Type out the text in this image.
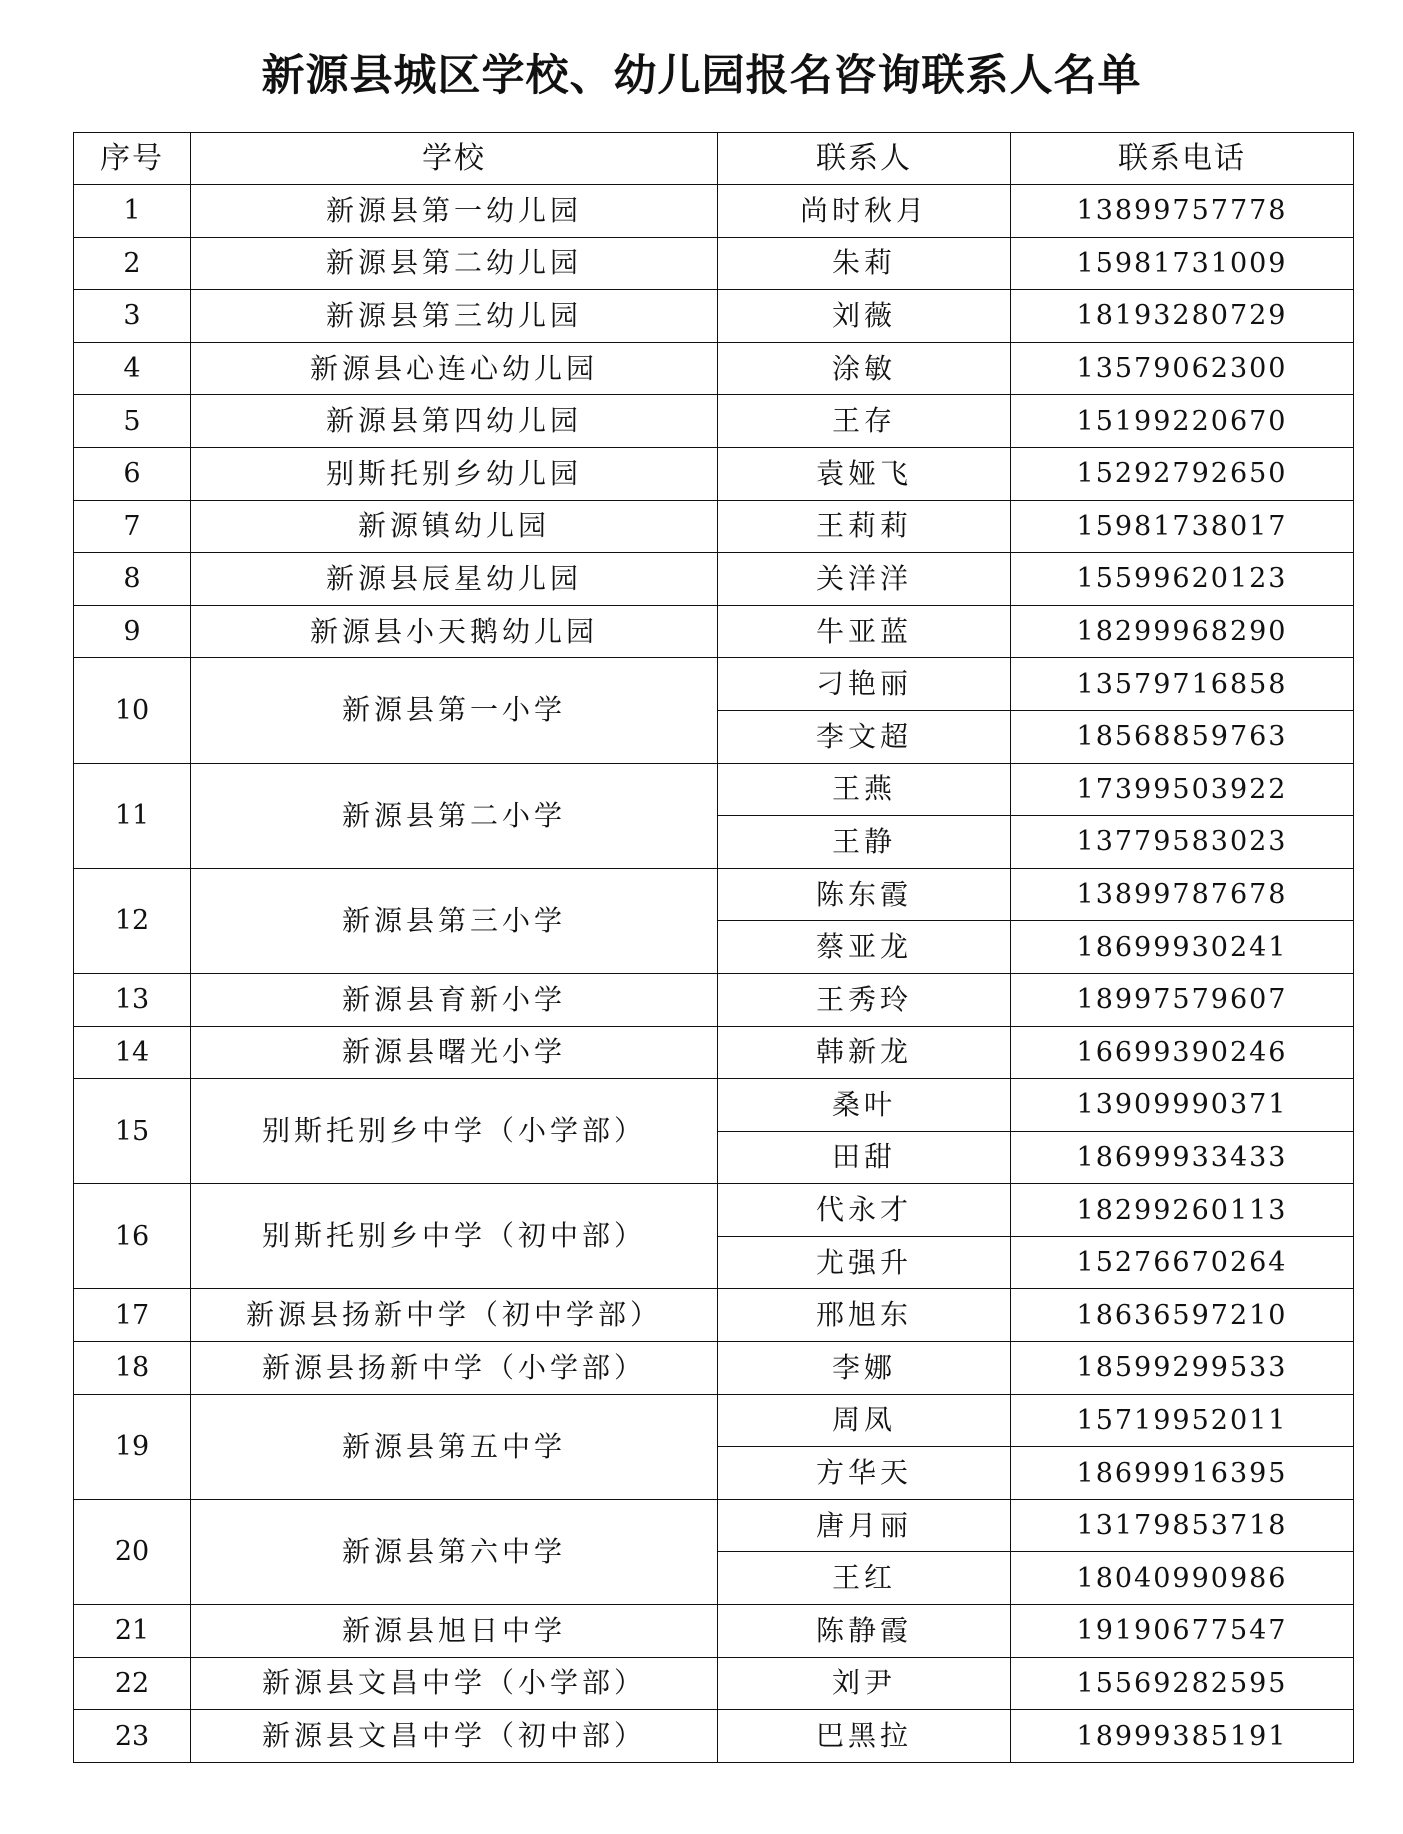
新源县城区学校、幼儿园报名咨询联系人名单
序号	学校	联系人	联系电话
1	新源县第一幼儿园	尚时秋月	13899757778
2	新源县第二幼儿园	朱莉	15981731009
3	新源县第三幼儿园	刘薇	18193280729
4	新源县心连心幼儿园	涂敏	13579062300
5	新源县第四幼儿园	王存	15199220670
6	别斯托别乡幼儿园	袁娅飞	15292792650
7	新源镇幼儿园	王莉莉	15981738017
8	新源县辰星幼儿园	关洋洋	15599620123
9	新源县小天鹅幼儿园	牛亚蓝	18299968290
10	新源县第一小学	刁艳丽	13579716858
		李文超	18568859763
11	新源县第二小学	王燕	17399503922
		王静	13779583023
12	新源县第三小学	陈东霞	13899787678
		蔡亚龙	18699930241
13	新源县育新小学	王秀玲	18997579607
14	新源县曙光小学	韩新龙	16699390246
15	别斯托别乡中学（小学部）	桑叶	13909990371
		田甜	18699933433
16	别斯托别乡中学（初中部）	代永才	18299260113
		尤强升	15276670264
17	新源县扬新中学（初中学部）	邢旭东	18636597210
18	新源县扬新中学（小学部）	李娜	18599299533
19	新源县第五中学	周凤	15719952011
		方华天	18699916395
20	新源县第六中学	唐月丽	13179853718
		王红	18040990986
21	新源县旭日中学	陈静霞	19190677547
22	新源县文昌中学（小学部）	刘尹	15569282595
23	新源县文昌中学（初中部）	巴黑拉	18999385191
